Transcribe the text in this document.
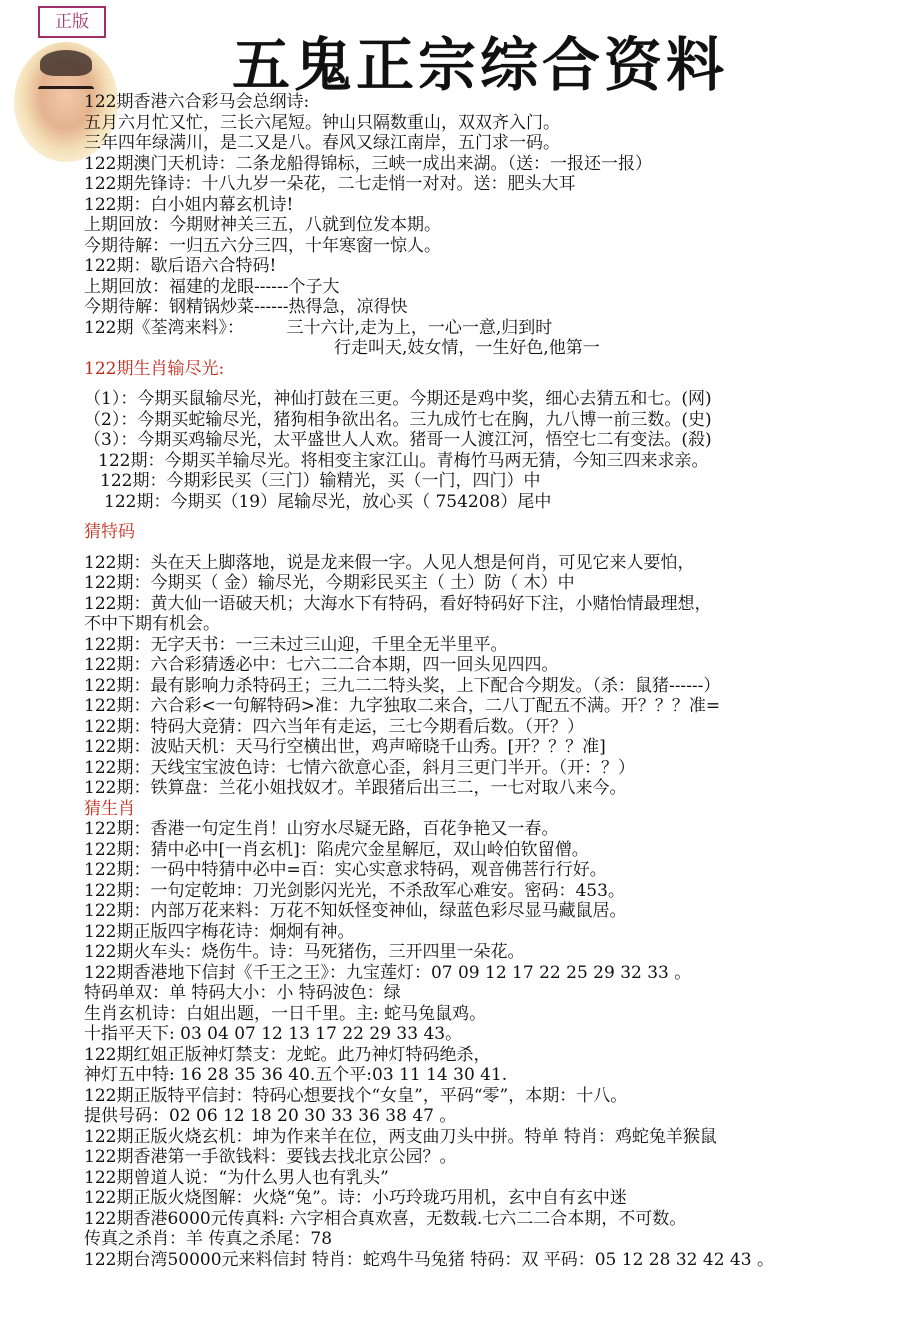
正版
五鬼正宗综合资料
122期香港六合彩马会总纲诗:
五月六月忙又忙，三长六尾短。钟山只隔数重山，双双齐入门。
三年四年绿满川，是二又是八。春风又绿江南岸，五门求一码。
122期澳门天机诗：二条龙船得锦标，三峡一成出来湖。（送：一报还一报）
122期先锋诗：十八九岁一朵花，二七走悄一对对。送：肥头大耳
122期：白小姐内幕玄机诗!
上期回放：今期财神关三五，八就到位发本期。
今期待解：一归五六分三四，十年寒窗一惊人。
122期：歇后语六合特码!
上期回放：福建的龙眼------个子大
今期待解：钢精锅炒菜------热得急，凉得快
122期《荃湾来料》：　　　三十六计,走为上，一心一意,归到时
行走叫天,妓女情，一生好色,他第一
122期生肖输尽光:
（1）：今期买鼠输尽光，神仙打鼓在三更。今期还是鸡中奖，细心去猜五和七。(网)
（2）：今期买蛇输尽光，猪狗相争欲出名。三九成竹七在胸，九八博一前三数。(史)
（3）：今期买鸡输尽光，太平盛世人人欢。猪哥一人渡江河，悟空七二有变法。(殺)
122期：今期买羊输尽光。将相变主家江山。青梅竹马两无猜，今知三四来求亲。
122期：今期彩民买（三门）输精光，买（一门，四门）中
122期：今期买（19）尾输尽光，放心买（ 754208）尾中
猜特码
122期：头在天上脚落地，说是龙来假一字。人见人想是何肖，可见它来人要怕，
122期：今期买（ 金）输尽光，今期彩民买主（ 土）防（ 木）中
122期：黄大仙一语破天机；大海水下有特码，看好特码好下注，小赌怡情最理想，
不中下期有机会。
122期：无字天书：一三未过三山迎，千里全无半里平。
122期：六合彩猜透必中：七六二二合本期，四一回头见四四。
122期：最有影响力杀特码王；三九二二特头奖，上下配合今期发。（杀：鼠猪------）
122期：六合彩<一句解特码>准：九字独取二来合，二八丁配五不满。开？？？准=
122期：特码大竞猜：四六当年有走运，三七今期看后数。（开？）
122期：波贴天机：天马行空横出世，鸡声啼晓千山秀。[开？？？准]
122期：天线宝宝波色诗：七情六欲意心歪，斜月三更门半开。（开：？）
122期：铁算盘：兰花小姐找奴才。羊跟猪后出三二，一七对取八来今。
猜生肖
122期：香港一句定生肖！山穷水尽疑无路，百花争艳又一春。
122期：猜中必中[一肖玄机]：陷虎穴金星解厄，双山岭伯钦留僧。
122期：一码中特猜中必中=百：实心实意求特码，观音佛菩行行好。
122期：一句定乾坤：刀光剑影闪光光，不杀敌军心难安。密码：453。
122期：内部万花来料：万花不知妖怪变神仙，绿蓝色彩尽显马藏鼠居。
122期正版四字梅花诗：炯炯有神。
122期火车头：烧伤牛。诗：马死猪伤，三开四里一朵花。
122期香港地下信封《千王之王》：九宝莲灯：07 09 12 17 22 25 29 32 33 。
特码单双：单 特码大小：小 特码波色：绿
生肖玄机诗：白姐出题，一日千里。主: 蛇马兔鼠鸡。
十指平天下: 03 04 07 12 13 17 22 29 33 43。
122期红姐正版神灯禁支：龙蛇。此乃神灯特码绝杀，
神灯五中特: 16 28 35 36 40.五个平:03 11 14 30 41.
122期正版特平信封：特码心想要找个“女皇”，平码“零”，本期：十八。
提供号码：02 06 12 18 20 30 33 36 38 47 。
122期正版火烧玄机：坤为作来羊在位，两支曲刀头中拼。特单 特肖：鸡蛇兔羊猴鼠
122期香港第一手欲钱料：要钱去找北京公园？。
122期曾道人说：“为什么男人也有乳头”
122期正版火烧图解：火烧“兔”。诗：小巧玲珑巧用机，玄中自有玄中迷
122期香港6000元传真料: 六字相合真欢喜，无数载.七六二二合本期，不可数。
传真之杀肖：羊 传真之杀尾：78
122期台湾50000元来料信封 特肖：蛇鸡牛马兔猪 特码：双 平码：05 12 28 32 42 43 。
